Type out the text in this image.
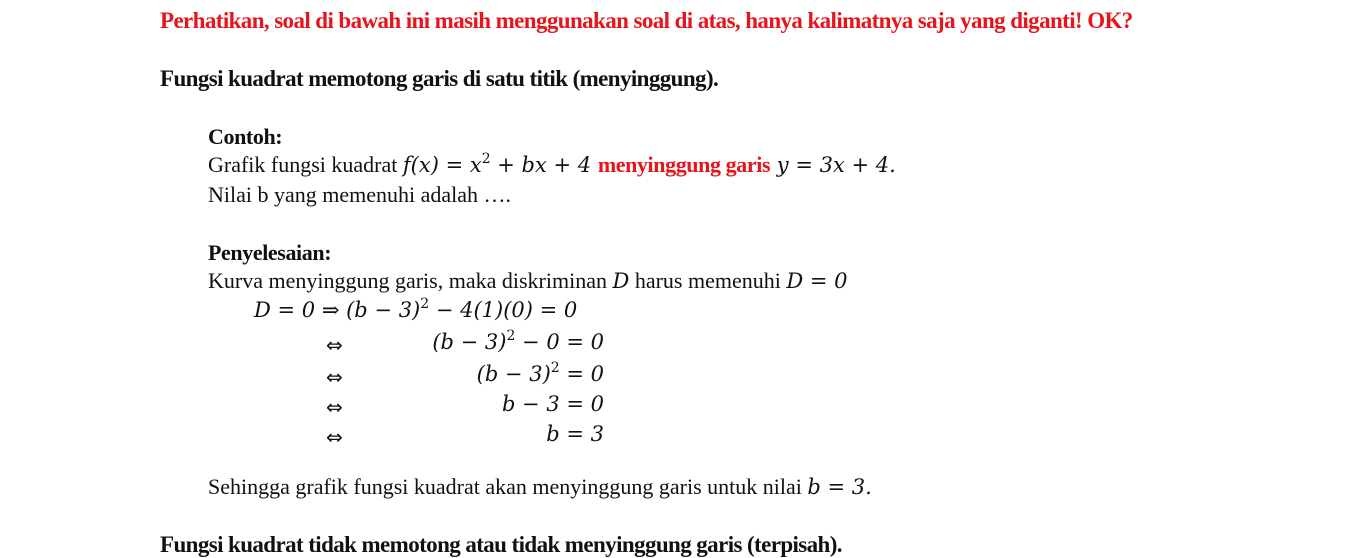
Perhatikan, soal di bawah ini masih menggunakan soal di atas, hanya kalimatnya saja yang diganti! OK?
Fungsi kuadrat memotong garis di satu titik (menyinggung).
Contoh:
Grafik fungsi kuadrat $f(x) = x^2$ + bx + 4 menyinggung garis y = 3x + 4.
Nilai b yang memenuhi adalah ….
Penyelesaian:
Kurva menyinggung garis, maka diskriminan D harus memenuhi D = 0
D = 0 ⇒ $(b - 3)^2 - 4(1)(0) = 0$
⇔	$(b - 3)^2 - 0 = 0$
⇔	$(b - 3)^2 = 0$
⇔	b − 3 = 0
⇔	b = 3
Sehingga grafik fungsi kuadrat akan menyinggung garis untuk nilai b = 3.
Fungsi kuadrat tidak memotong atau tidak menyinggung garis (terpisah).
